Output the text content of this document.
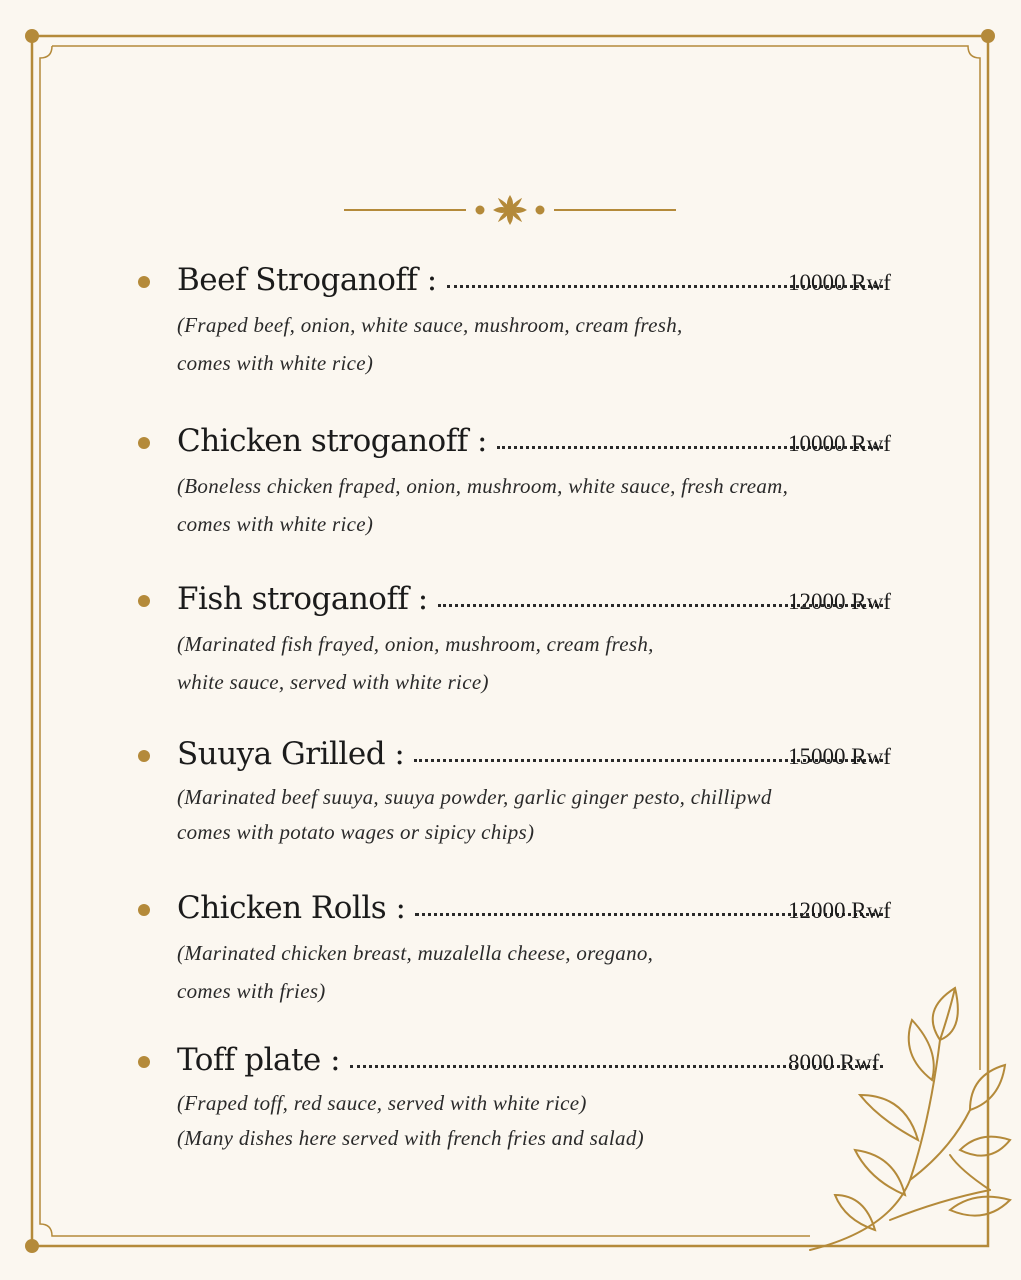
Beef Stroganoff :	10000 Rwf
(Fraped beef, onion, white sauce, mushroom, cream fresh,
comes with white rice)
Chicken stroganoff :	10000 Rwf
(Boneless chicken fraped, onion, mushroom, white sauce, fresh cream,
comes with white rice)
Fish stroganoff :	12000 Rwf
(Marinated fish frayed, onion, mushroom, cream fresh,
white sauce, served with white rice)
Suuya Grilled :	15000 Rwf
(Marinated beef suuya, suuya powder, garlic ginger pesto, chillipwd
comes with potato wages or sipicy chips)
Chicken Rolls :	12000 Rwf
(Marinated chicken breast, muzalella cheese, oregano,
comes with fries)
Toff plate :	8000 Rwf
(Fraped toff, red sauce, served with white rice)
(Many dishes here served with french fries and salad)
